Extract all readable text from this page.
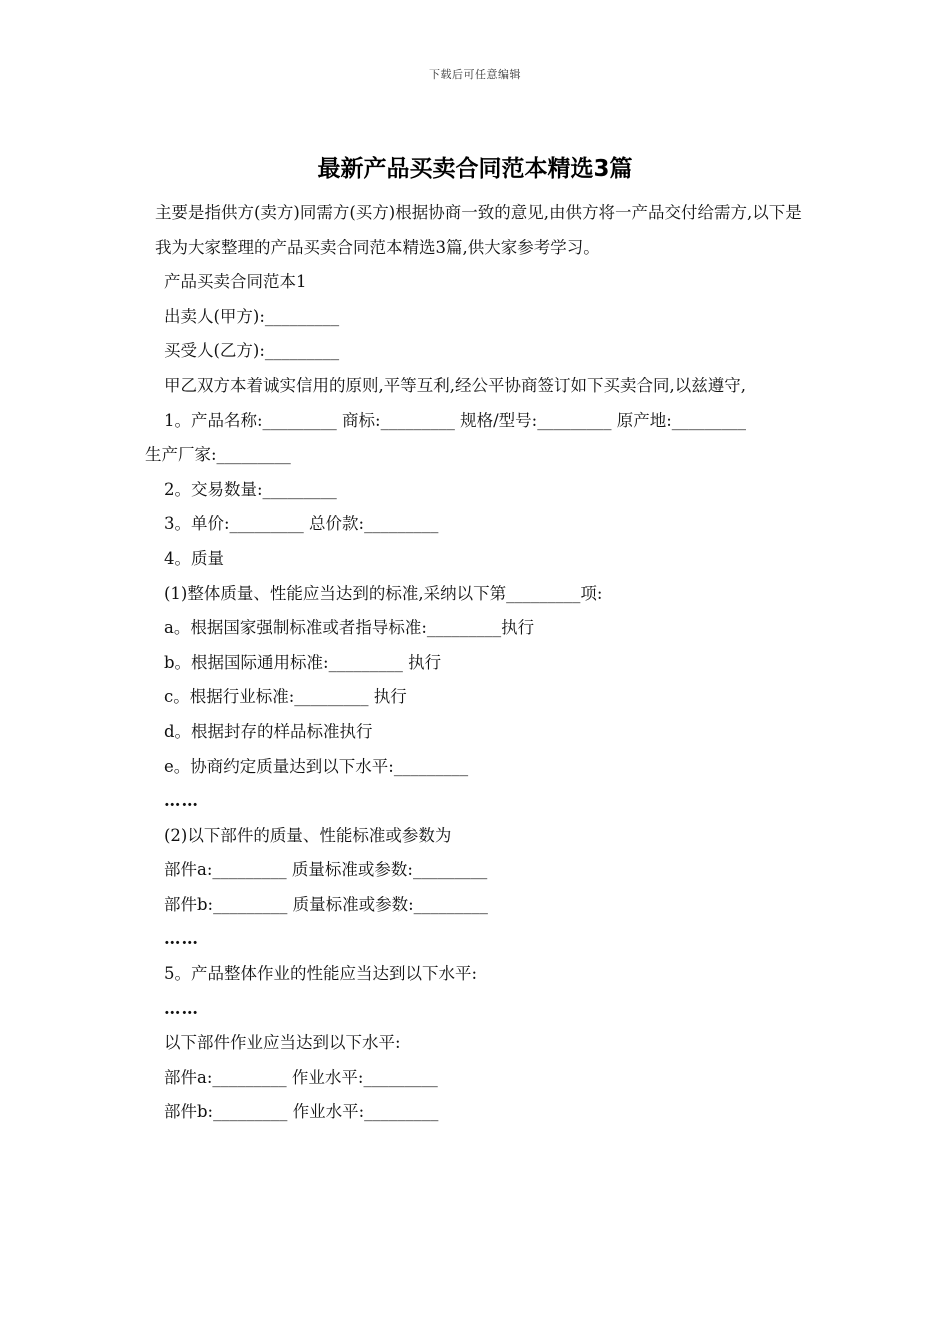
下载后可任意编辑
最新产品买卖合同范本精选3篇

主要是指供方(卖方)同需方(买方)根据协商一致的意见,由供方将一产品交付给需方,以下是我为大家整理的产品买卖合同范本精选3篇,供大家参考学习。

产品买卖合同范本1

出卖人(甲方):_________

买受人(乙方):_________

甲乙双方本着诚实信用的原则,平等互利,经公平协商签订如下买卖合同,以兹遵守,

1。产品名称:_________ 商标:_________ 规格/型号:_________ 原产地:_________

生产厂家:_________

2。交易数量:_________

3。单价:_________ 总价款:_________

4。质量

(1)整体质量、性能应当达到的标准,采纳以下第_________项:

a。根据国家强制标准或者指导标准:_________执行

b。根据国际通用标准:_________ 执行

c。根据行业标准:_________ 执行

d。根据封存的样品标准执行

e。协商约定质量达到以下水平:_________

……

(2)以下部件的质量、性能标准或参数为

部件a:_________ 质量标准或参数:_________

部件b:_________ 质量标准或参数:_________

……

5。产品整体作业的性能应当达到以下水平:

……

以下部件作业应当达到以下水平:

部件a:_________ 作业水平:_________

部件b:_________ 作业水平:_________
